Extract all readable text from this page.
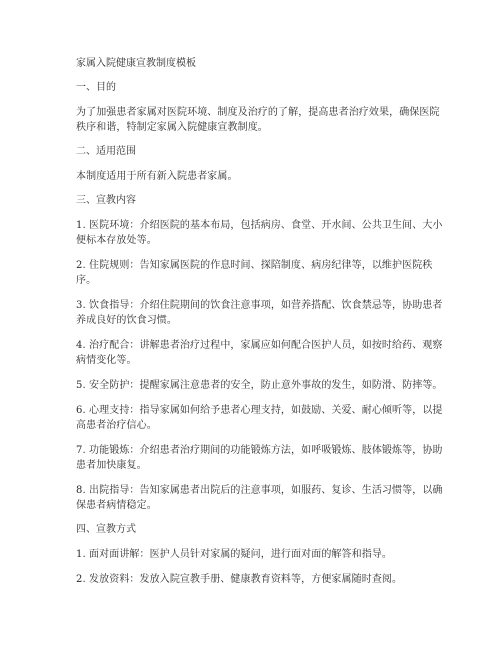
家属入院健康宣教制度模板
一、目的
为了加强患者家属对医院环境、制度及治疗的了解，提高患者治疗效果，确保医院秩序和谐，特制定家属入院健康宣教制度。
二、适用范围
本制度适用于所有新入院患者家属。
三、宣教内容
1. 医院环境：介绍医院的基本布局，包括病房、食堂、开水间、公共卫生间、大小便标本存放处等。
2. 住院规则：告知家属医院的作息时间、探陪制度、病房纪律等，以维护医院秩序。
3. 饮食指导：介绍住院期间的饮食注意事项，如营养搭配、饮食禁忌等，协助患者养成良好的饮食习惯。
4. 治疗配合：讲解患者治疗过程中，家属应如何配合医护人员，如按时给药、观察病情变化等。
5. 安全防护：提醒家属注意患者的安全，防止意外事故的发生，如防滑、防摔等。
6. 心理支持：指导家属如何给予患者心理支持，如鼓励、关爱、耐心倾听等，以提高患者治疗信心。
7. 功能锻炼：介绍患者治疗期间的功能锻炼方法，如呼吸锻炼、肢体锻炼等，协助患者加快康复。
8. 出院指导：告知家属患者出院后的注意事项，如服药、复诊、生活习惯等，以确保患者病情稳定。
四、宣教方式
1. 面对面讲解：医护人员针对家属的疑问，进行面对面的解答和指导。
2. 发放资料：发放入院宣教手册、健康教育资料等，方便家属随时查阅。
